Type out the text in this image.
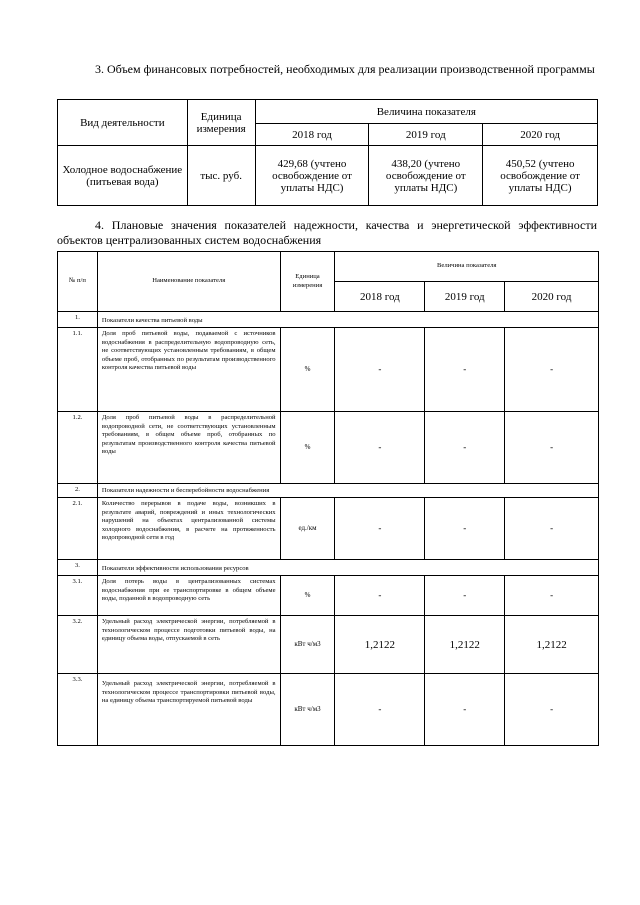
3. Объем финансовых потребностей, необходимых для реализации производственной программы
Вид деятельности	Единица измерения	Величина показателя		
		2018 год	2019 год	2020 год
Холодное водоснабжение (питьевая вода)	тыс. руб.	429,68 (учтено освобождение от уплаты НДС)	438,20 (учтено освобождение от уплаты НДС)	450,52 (учтено освобождение от уплаты НДС)
4. Плановые значения показателей надежности, качества и энергетической эффективности объектов централизованных систем водоснабжения
№ п/п	Наименование показателя	Единица измерения	Величина показателя		
			2018 год	2019 год	2020 год
1.	Показатели качества питьевой воды				
1.1.	Доля проб питьевой воды, подаваемой с источников водоснабжения в распределительную водопроводную сеть, не соответствующих установленным требованиям, в общем объеме проб, отобранных по результатам производственного контроля качества питьевой воды	%	-	-	-
1.2.	Доля проб питьевой воды в распределительной водопроводной сети, не соответствующих установленным требованиям, в общем объеме проб, отобранных по результатам производственного контроля качества питьевой воды	%	-	-	-
2.	Показатели надежности и бесперебойности водоснабжения				
2.1.	Количество перерывов в подаче воды, возникших в результате аварий, повреждений и иных технологических нарушений на объектах централизованной системы холодного водоснабжения, в расчете на протяженность водопроводной сети в год	ед./км	-	-	-
3.	Показатели эффективности использования ресурсов				
3.1.	Доля потерь воды в централизованных системах водоснабжения при ее транспортировке в общем объеме воды, поданной в водопроводную сеть	%	-	-	-
3.2.	Удельный расход электрической энергии, потребляемой в технологическом процессе подготовки питьевой воды, на единицу объема воды, отпускаемой в сеть	кВт ч/м3	1,2122	1,2122	1,2122
3.3.	Удельный расход электрической энергии, потребляемой в технологическом процессе транспортировки питьевой воды, на единицу объема транспортируемой питьевой воды	кВт ч/м3	-	-	-
